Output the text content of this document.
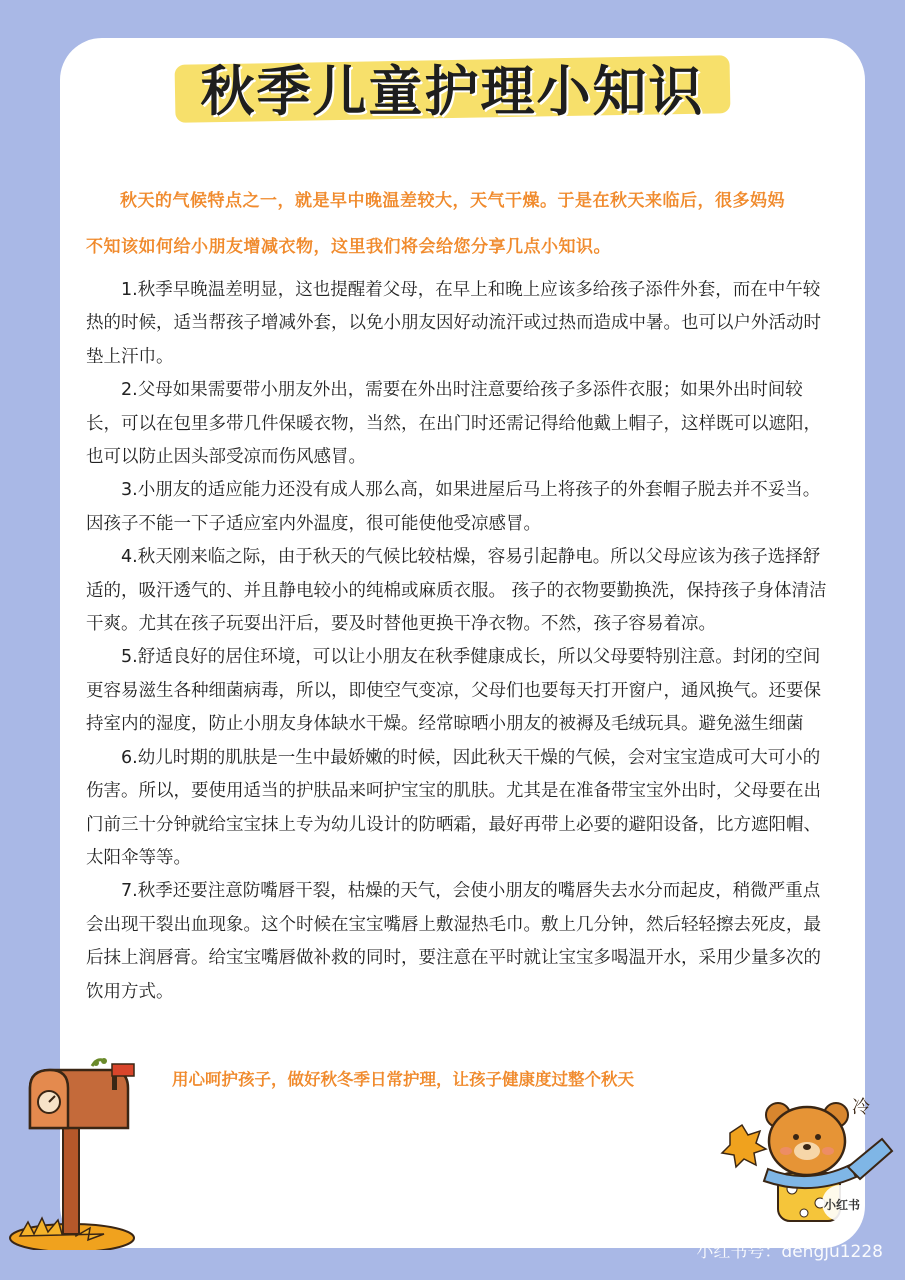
秋季儿童护理小知识
秋天的气候特点之一，就是早中晚温差较大，天气干燥。于是在秋天来临后，很多妈妈
不知该如何给小朋友增减衣物，这里我们将会给您分享几点小知识。

1.秋季早晚温差明显，这也提醒着父母，在早上和晚上应该多给孩子添件外套，而在中午较热的时候，适当帮孩子增减外套，以免小朋友因好动流汗或过热而造成中暑。也可以户外活动时垫上汗巾。

2.父母如果需要带小朋友外出，需要在外出时注意要给孩子多添件衣服；如果外出时间较长，可以在包里多带几件保暖衣物，当然，在出门时还需记得给他戴上帽子，这样既可以遮阳，也可以防止因头部受凉而伤风感冒。

3.小朋友的适应能力还没有成人那么高，如果进屋后马上将孩子的外套帽子脱去并不妥当。因孩子不能一下子适应室内外温度，很可能使他受凉感冒。

4.秋天刚来临之际，由于秋天的气候比较枯燥，容易引起静电。所以父母应该为孩子选择舒适的，吸汗透气的、并且静电较小的纯棉或麻质衣服。 孩子的衣物要勤换洗，保持孩子身体清洁干爽。尤其在孩子玩耍出汗后，要及时替他更换干净衣物。不然，孩子容易着凉。

5.舒适良好的居住环境，可以让小朋友在秋季健康成长，所以父母要特别注意。封闭的空间更容易滋生各种细菌病毒，所以，即使空气变凉，父母们也要每天打开窗户，通风换气。还要保持室内的湿度，防止小朋友身体缺水干燥。经常晾晒小朋友的被褥及毛绒玩具。避免滋生细菌

6.幼儿时期的肌肤是一生中最娇嫩的时候，因此秋天干燥的气候，会对宝宝造成可大可小的伤害。所以，要使用适当的护肤品来呵护宝宝的肌肤。尤其是在准备带宝宝外出时，父母要在出门前三十分钟就给宝宝抹上专为幼儿设计的防晒霜，最好再带上必要的避阳设备，比方遮阳帽、太阳伞等等。

7.秋季还要注意防嘴唇干裂，枯燥的天气，会使小朋友的嘴唇失去水分而起皮，稍微严重点会出现干裂出血现象。这个时候在宝宝嘴唇上敷湿热毛巾。敷上几分钟，然后轻轻擦去死皮，最后抹上润唇膏。给宝宝嘴唇做补救的同时，要注意在平时就让宝宝多喝温开水，采用少量多次的饮用方式。

用心呵护孩子，做好秋冬季日常护理，让孩子健康度过整个秋天

冷
小红书

小红书号：dengju1228
